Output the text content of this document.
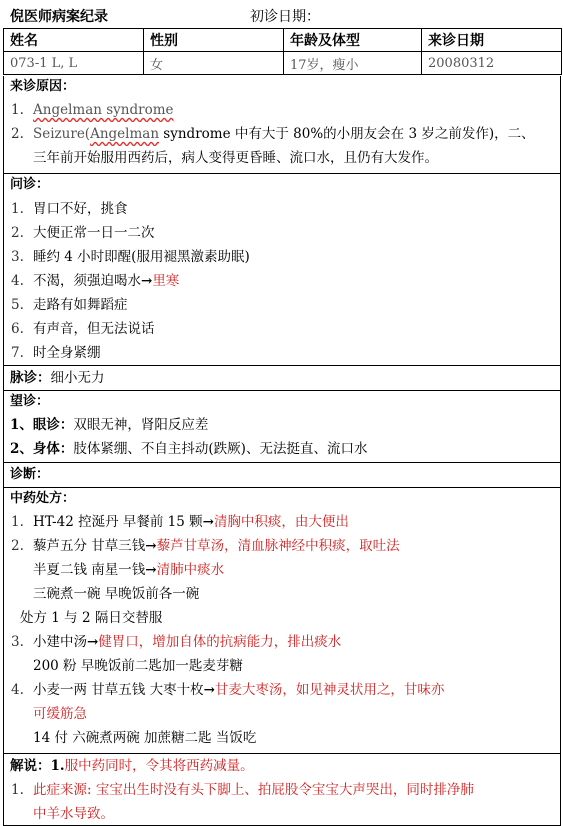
倪医师病案纪录	初诊日期：
姓名	性别	年龄及体型	来诊日期
073-1 L, L	女	17岁，瘦小	20080312
来诊原因：
1. Angelman syndrome
2. Seizure(Angelman syndrome 中有大于 80%的小朋友会在 3 岁之前发作)，二、
三年前开始服用西药后，病人变得更昏睡、流口水，且仍有大发作。
问诊：
1. 胃口不好，挑食
2. 大便正常一日一二次
3. 睡约 4 小时即醒(服用褪黑激素助眠)
4. 不渴，须强迫喝水→里寒
5. 走路有如舞蹈症
6. 有声音，但无法说话
7. 时全身紧绷
脉诊：细小无力
望诊：
1、眼诊：双眼无神，肾阳反应差
2、身体：肢体紧绷、不自主抖动(跌厥)、无法挺直、流口水
诊断：
中药处方：
1. HT-42 控涎丹 早餐前 15 颗→清胸中积痰，由大便出
2. 藜芦五分 甘草三钱→藜芦甘草汤，清血脉神经中积痰，取吐法
半夏二钱 南星一钱→清肺中痰水
三碗煮一碗 早晚饭前各一碗
处方 1 与 2 隔日交替服
3. 小建中汤→健胃口，增加自体的抗病能力，排出痰水
200 粉 早晚饭前二匙加一匙麦芽糖
4. 小麦一两 甘草五钱 大枣十枚→甘麦大枣汤，如见神灵状用之，甘味亦
可缓筋急
14 付 六碗煮两碗 加蔗糖二匙 当饭吃
解说：1.服中药同时，令其将西药减量。
1. 此症来源: 宝宝出生时没有头下脚上、拍屁股令宝宝大声哭出，同时排净肺
中羊水导致。
